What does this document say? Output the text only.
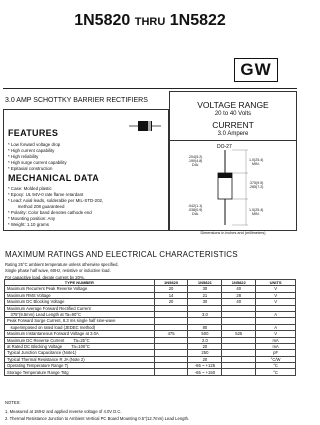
1N5820 THRU 1N5822
GW
3.0 AMP SCHOTTKY BARRIER RECTIFIERS	VOLTAGE RANGE
20 to 40 Volts
CURRENT
3.0 Ampere
FEATURES
* Low forward voltage drop
* High current capability
* High reliability
* High surge current capability
* Epitaxial construction
MECHANICAL DATA
* Case: Molded plastic
* Epoxy: UL 94V-0 rate flame retardant
* Lead: Axial leads, solderable per MIL-STD-202,
method 208 guaranteed
* Polarity: Color band denotes cathode end
* Mounting position: Any
* Weight: 1.10 grams
DO-27
.204(5.2)
.190(4.8)
DIA.
1.0(25.4)
MIN.
.375(9.5)
.285(7.2)
.042(1.1)
.038(0.9)
DIA.
1.0(25.4)
MIN.
Dimensions in inches and (millimeters)
MAXIMUM RATINGS AND ELECTRICAL CHARACTERISTICS
Rating 25°C ambient temperature unless otherwise specified.
Single phase half wave, 60Hz, resistive or inductive load.
For capacitive load, derate current by 20%.
TYPE NUMBER	1N5820	1N5821	1N5822	UNITS
Maximum Recurrent Peak Reverse Voltage	20	30	40	V
Maximum RMS Voltage	14	21	28	V
Maximum DC Blocking Voltage	20	30	40	V
Maximum Average Forward Rectified Current				
375"(9.5mm) Lead Length at Ta=90°C		3.0		A
Peak Forward Surge Current, 8.3 ms single half sine-wave				
superimposed on rated load (JEDEC method)		80		A
Maximum Instantaneous Forward Voltage at 3.0A	475	500	525	V
Maximum DC Reverse Current        Ta=25°C		2.0		mA
at Rated DC Blocking Voltage        Ta=100°C		20		mA
Typical Junction Capacitance (Note1)		250		pF
Typical Thermal Resistance R JA (Note 2)		20		°C/W
Operating Temperature Range Tj		-65 ~ +125		°C
Storage Temperature Range Tstg		-65 ~ +150		°C
NOTES:
1. Measured at 1MHz and applied reverse voltage of 4.0V D.C.
2. Thermal Resistance Junction to Ambient Vertical PC Board Mounting 0.5"(12.7mm) Lead Length.
